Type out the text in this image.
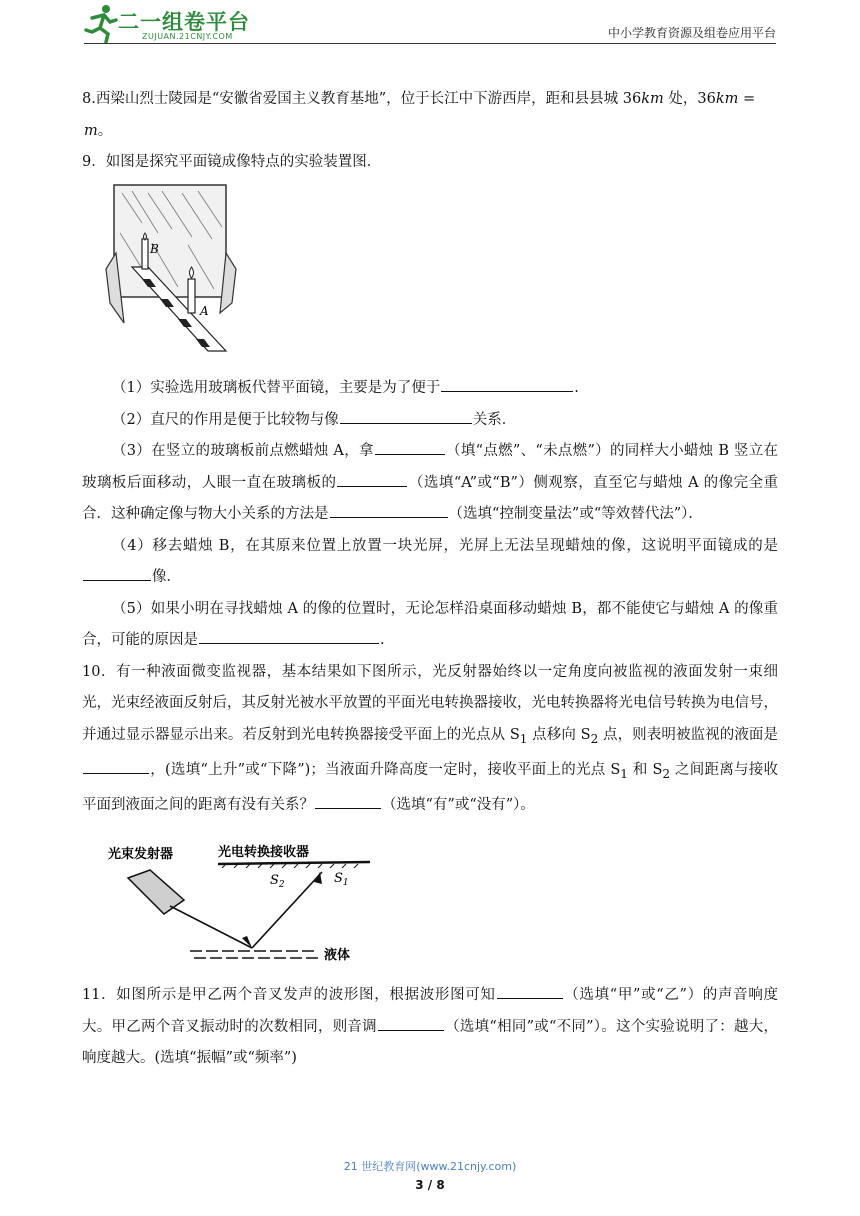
二一组卷平台
ZUJUAN.21CNJY.COM	中小学教育资源及组卷应用平台

8.西梁山烈士陵园是“安徽省爱国主义教育基地”，位于长江中下游西岸，距和县县城 36km 处，36km =
m。

9．如图是探究平面镜成像特点的实验装置图．

B
A

（1）实验选用玻璃板代替平面镜，主要是为了便于	.

（2）直尺的作用是便于比较物与像	关系．

（3）在竖立的玻璃板前点燃蜡烛 A，拿	（填“点燃”、“未点燃”）的同样大小蜡烛 B 竖立在玻璃板后面移动，人眼一直在玻璃板的	（选填“A”或“B”）侧观察，直至它与蜡烛 A 的像完全重合．这种确定像与物大小关系的方法是	（选填“控制变量法”或“等效替代法”）．

（4）移去蜡烛 B，在其原来位置上放置一块光屏，光屏上无法呈现蜡烛的像，这说明平面镜成的是像．

（5）如果小明在寻找蜡烛 A 的像的位置时，无论怎样沿桌面移动蜡烛 B，都不能使它与蜡烛 A 的像重合，可能的原因是	.

10．有一种液面微变监视器，基本结果如下图所示，光反射器始终以一定角度向被监视的液面发射一束细光，光束经液面反射后，其反射光被水平放置的平面光电转换器接收，光电转换器将光电信号转换为电信号，并通过显示器显示出来。若反射到光电转换器接受平面上的光点从 $S_1$ 点移向 $S_2$ 点，则表明被监视的液面是，(选填“上升”或“下降”)；当液面升降高度一定时，接收平面上的光点 $S_1$ 和 $S_2$ 之间距离与接收平面到液面之间的距离有没有关系？	（选填“有”或“没有”）。

光束发射器	光电转换接收器
$S_2$	$S_1$
液体

11．如图所示是甲乙两个音叉发声的波形图，根据波形图可知	（选填“甲”或“乙”）的声音响度大。甲乙两个音叉振动时的次数相同，则音调	（选填“相同”或“不同”）。这个实验说明了：越大，响度越大。(选填“振幅”或“频率”)

21 世纪教育网(www.21cnjy.com)
3 / 8
